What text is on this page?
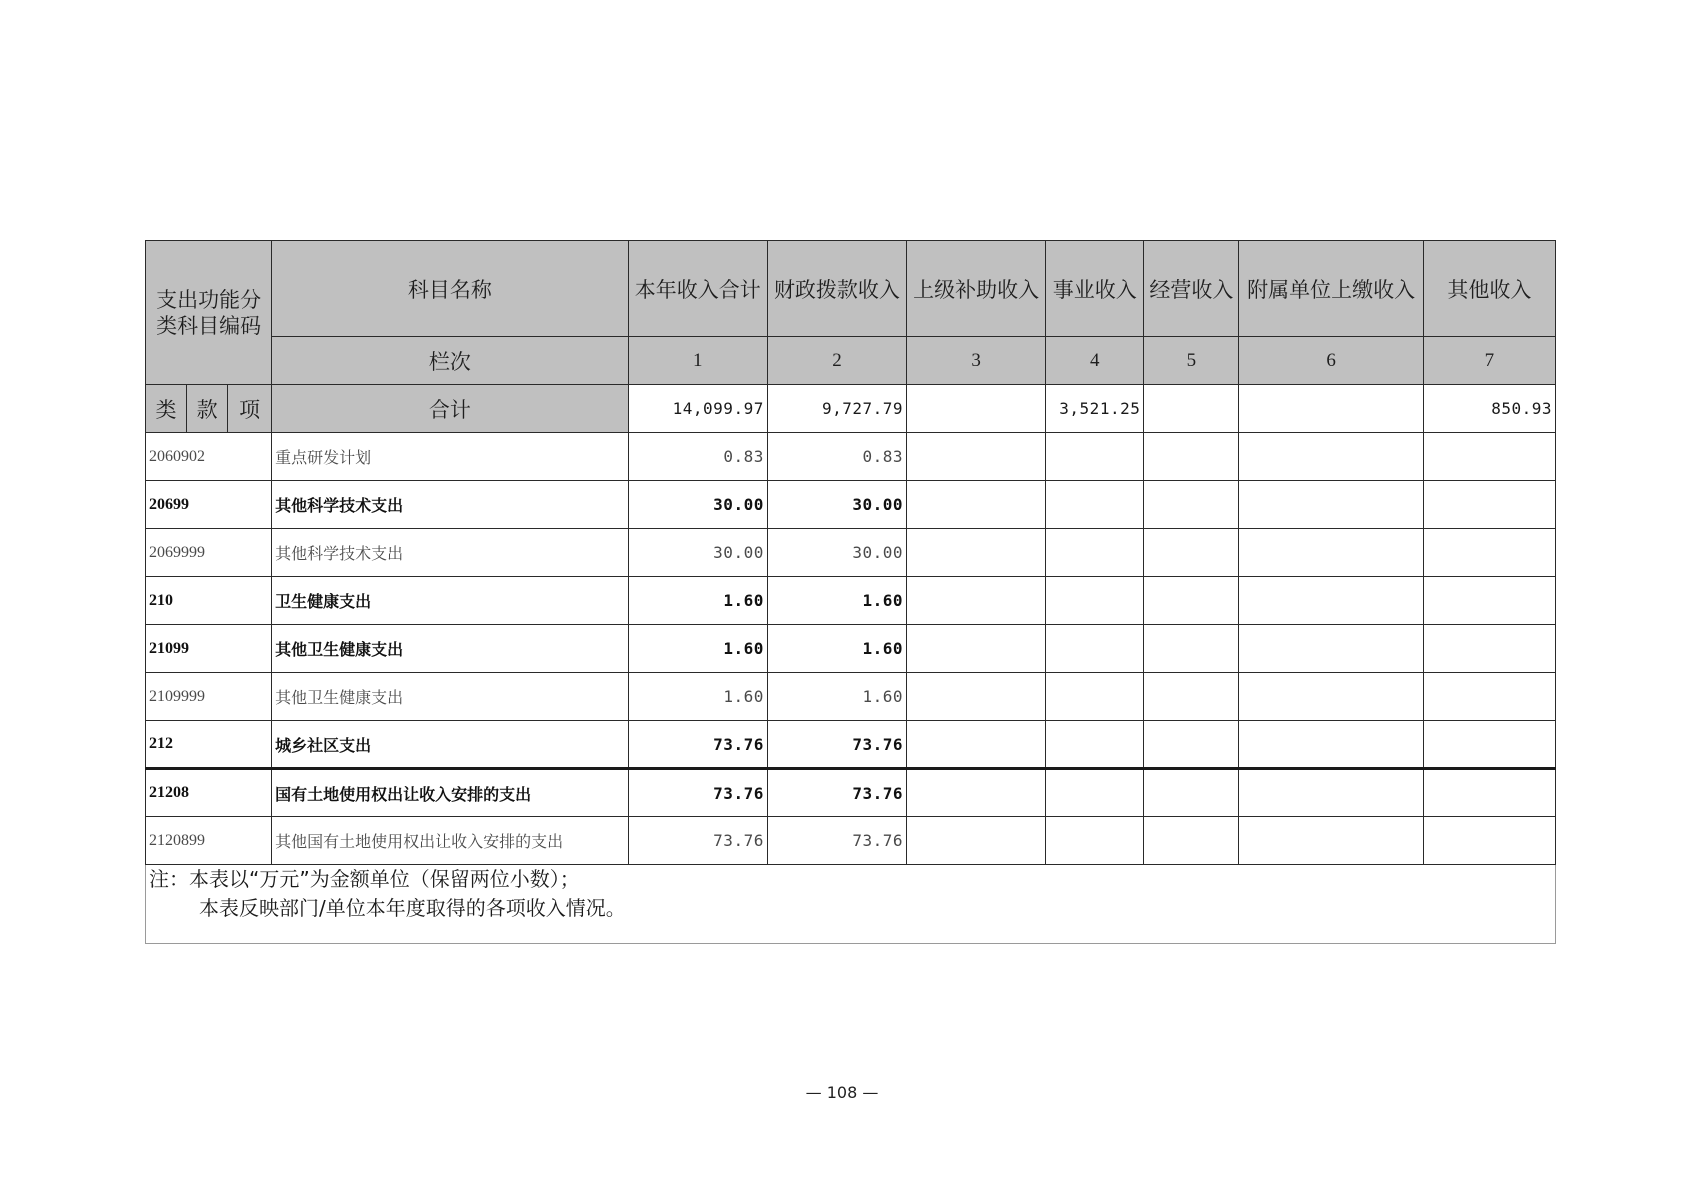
支出功能分类科目编码			科目名称	本年收入合计	财政拨款收入	上级补助收入	事业收入	经营收入	附属单位上缴收入	其他收入
			栏次	1	2	3	4	5	6	7
类	款	项	合计	14,099.97	9,727.79		3,521.25			850.93
2060902			重点研发计划	0.83	0.83					
20699			其他科学技术支出	30.00	30.00					
2069999			其他科学技术支出	30.00	30.00					
210			卫生健康支出	1.60	1.60					
21099			其他卫生健康支出	1.60	1.60					
2109999			其他卫生健康支出	1.60	1.60					
212			城乡社区支出	73.76	73.76					
21208			国有土地使用权出让收入安排的支出	73.76	73.76					
2120899			其他国有土地使用权出让收入安排的支出	73.76	73.76					

注：本表以“万元”为金额单位（保留两位小数）；
本表反映部门/单位本年度取得的各项收入情况。										
— 108 —
